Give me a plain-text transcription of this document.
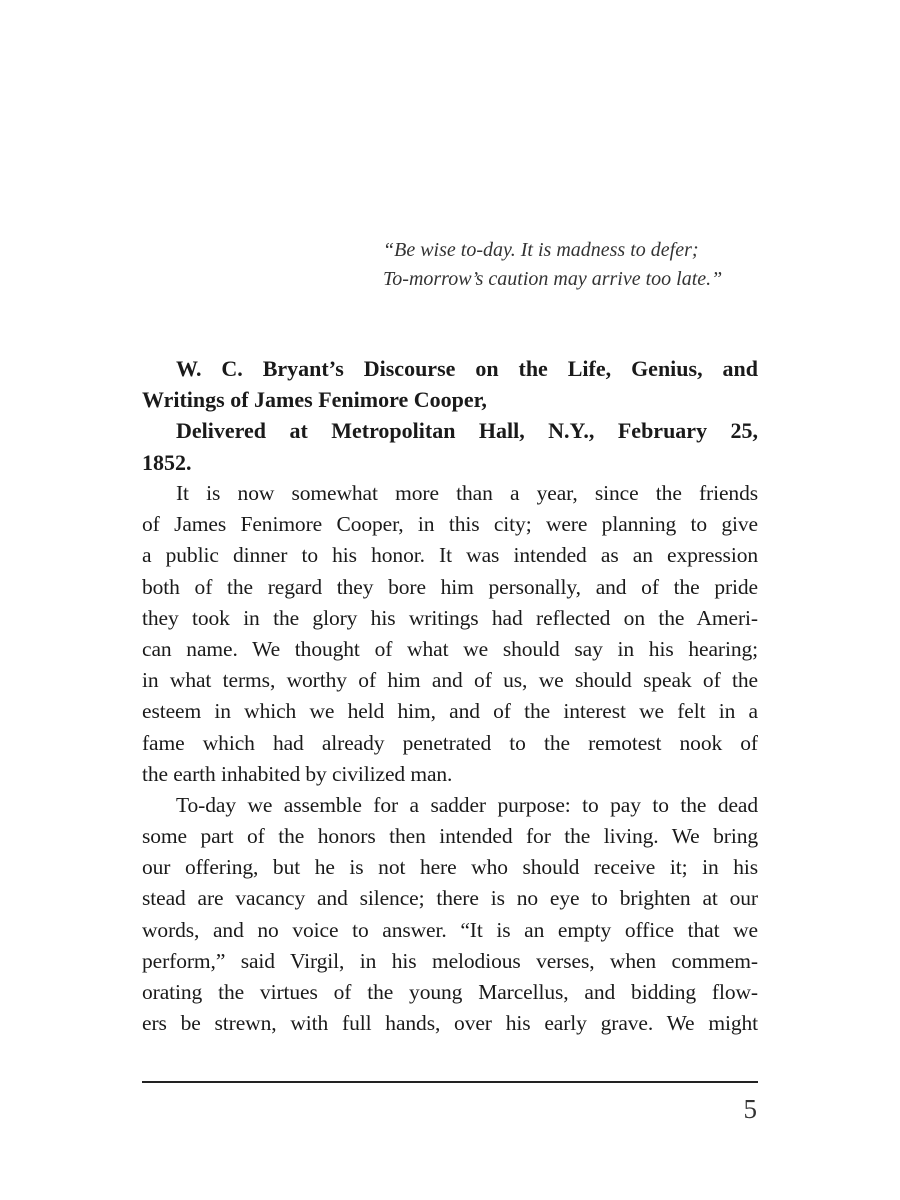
“Be wise to-day. It is madness to defer;
To-morrow’s caution may arrive too late.”
W. C. Bryant’s Discourse on the Life, Genius, and
Writings of James Fenimore Cooper,
Delivered at Metropolitan Hall, N.Y., February 25,
1852.
It is now somewhat more than a year, since the friends
of James Fenimore Cooper, in this city; were planning to give
a public dinner to his honor. It was intended as an expression
both of the regard they bore him personally, and of the pride
they took in the glory his writings had reflected on the Ameri-
can name. We thought of what we should say in his hearing;
in what terms, worthy of him and of us, we should speak of the
esteem in which we held him, and of the interest we felt in a
fame which had already penetrated to the remotest nook of
the earth inhabited by civilized man.
To-day we assemble for a sadder purpose: to pay to the dead
some part of the honors then intended for the living. We bring
our offering, but he is not here who should receive it; in his
stead are vacancy and silence; there is no eye to brighten at our
words, and no voice to answer. “It is an empty office that we
perform,” said Virgil, in his melodious verses, when commem-
orating the virtues of the young Marcellus, and bidding flow-
ers be strewn, with full hands, over his early grave. We might
5
